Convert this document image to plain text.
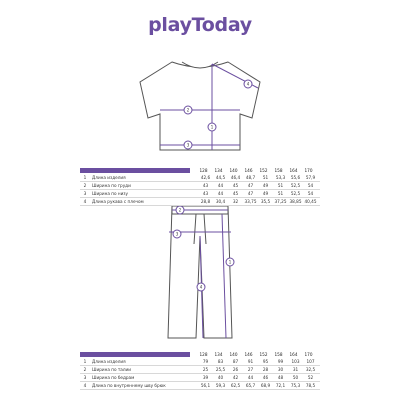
playToday
1
2
3
4
1
2
3
4
128	134	140	146	152	158	164	170
1	Длина изделия	42,6	44,5	46,4	48,7	51	53,3	55,6	57,9
2	Ширина по груди	43	44	45	47	49	51	52,5	54
3	Ширина по низу	43	44	45	47	49	51	52,5	54
4	Длина рукава с плечом	28,8	30,4	32	33,75	35,5	37,25 38,85 40,45
128	134	140	146	152	158	164	170
1	Длина изделия	79	83	87	91	95	99	103	107
2	Ширина по талии	25	25,5	26	27	28	30	31	32,5
3	Ширина по бедрам	39	40	42	44	46	48	50	52
4	Длина по внутреннему шву брюк	56,1	59,3	62,5	65,7	68,9	72,1	75,3	78,5
